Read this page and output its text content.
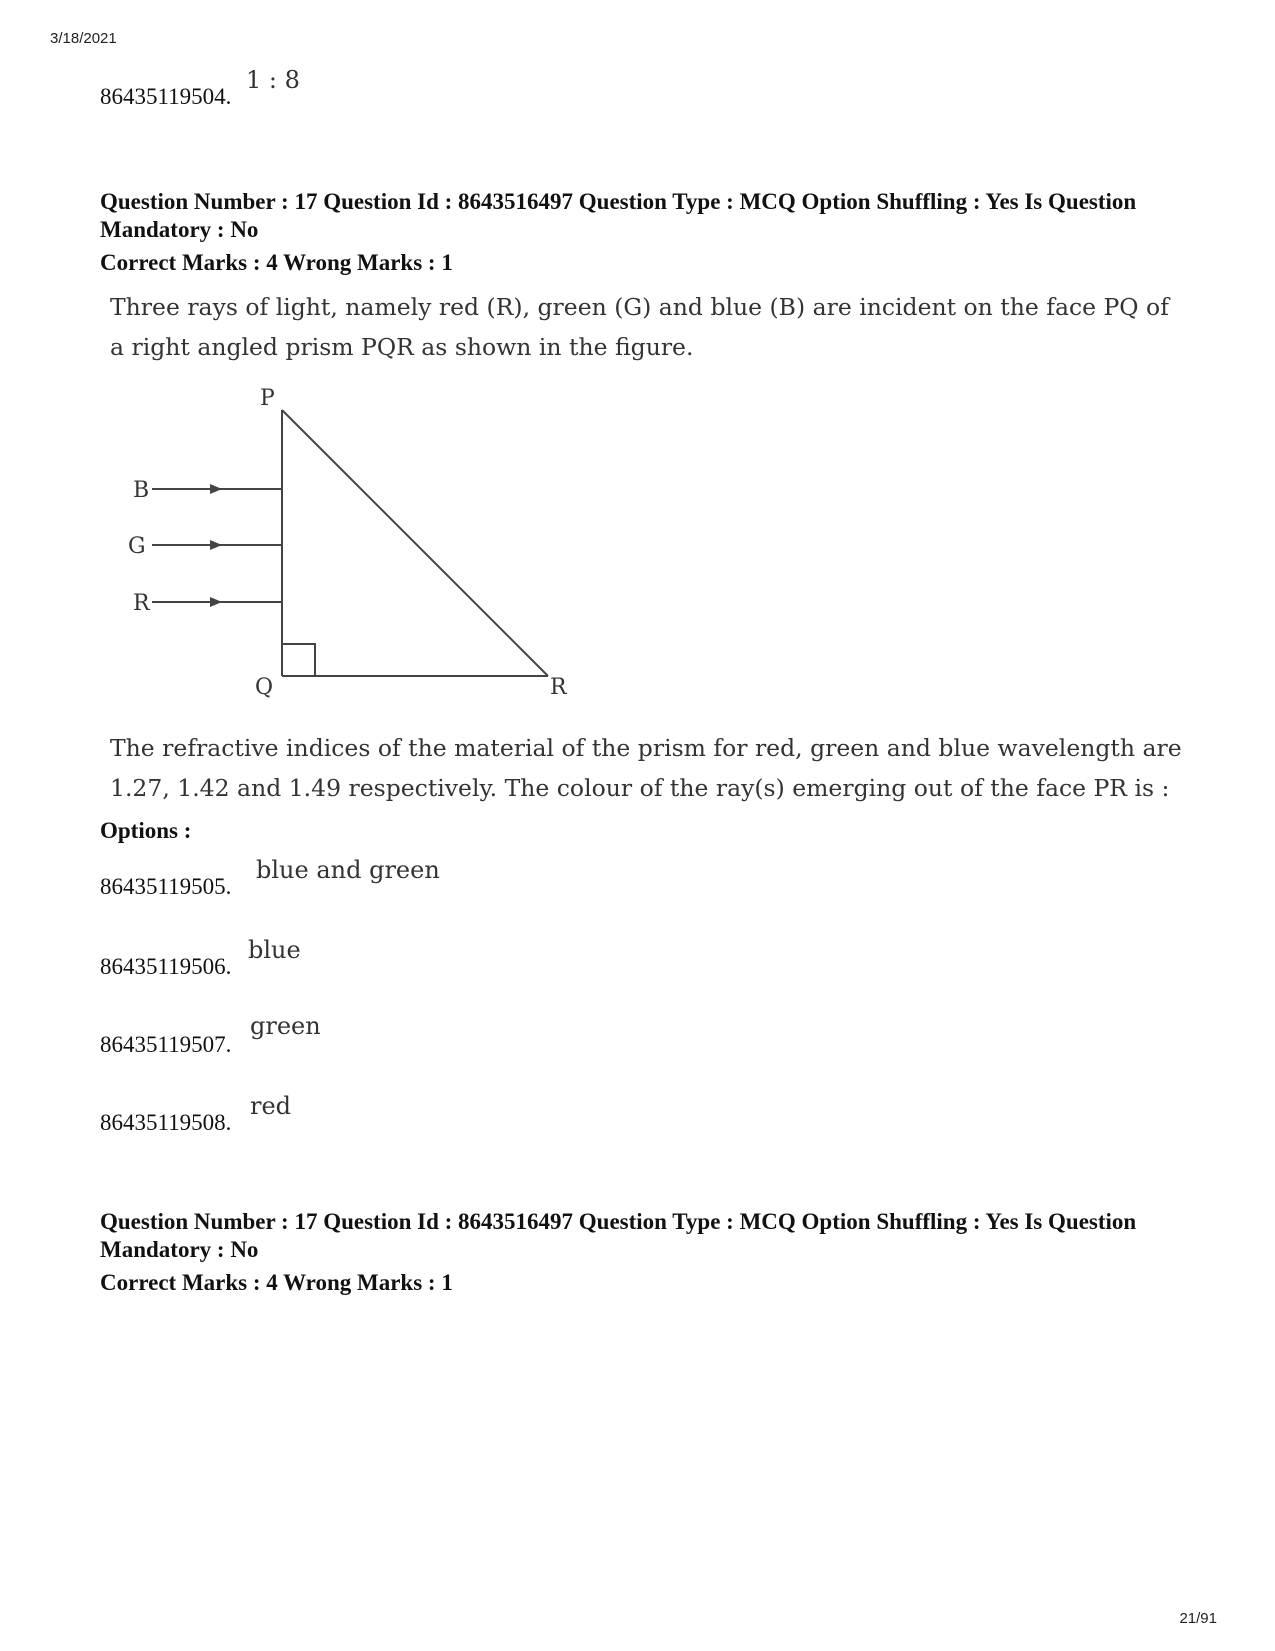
3/18/2021
86435119504.
1 : 8
Question Number : 17 Question Id : 8643516497 Question Type : MCQ Option Shuffling : Yes Is Question Mandatory : No
Correct Marks : 4 Wrong Marks : 1
Three rays of light, namely red (R), green (G) and blue (B) are incident on the face PQ of a right angled prism PQR as shown in the figure.
P
Q	R
B
G
R
The refractive indices of the material of the prism for red, green and blue wavelength are 1.27, 1.42 and 1.49 respectively. The colour of the ray(s) emerging out of the face PR is :
Options :
86435119505.
blue and green
86435119506.
blue
86435119507.
green
86435119508.
red
Question Number : 17 Question Id : 8643516497 Question Type : MCQ Option Shuffling : Yes Is Question Mandatory : No
Correct Marks : 4 Wrong Marks : 1
21/91
